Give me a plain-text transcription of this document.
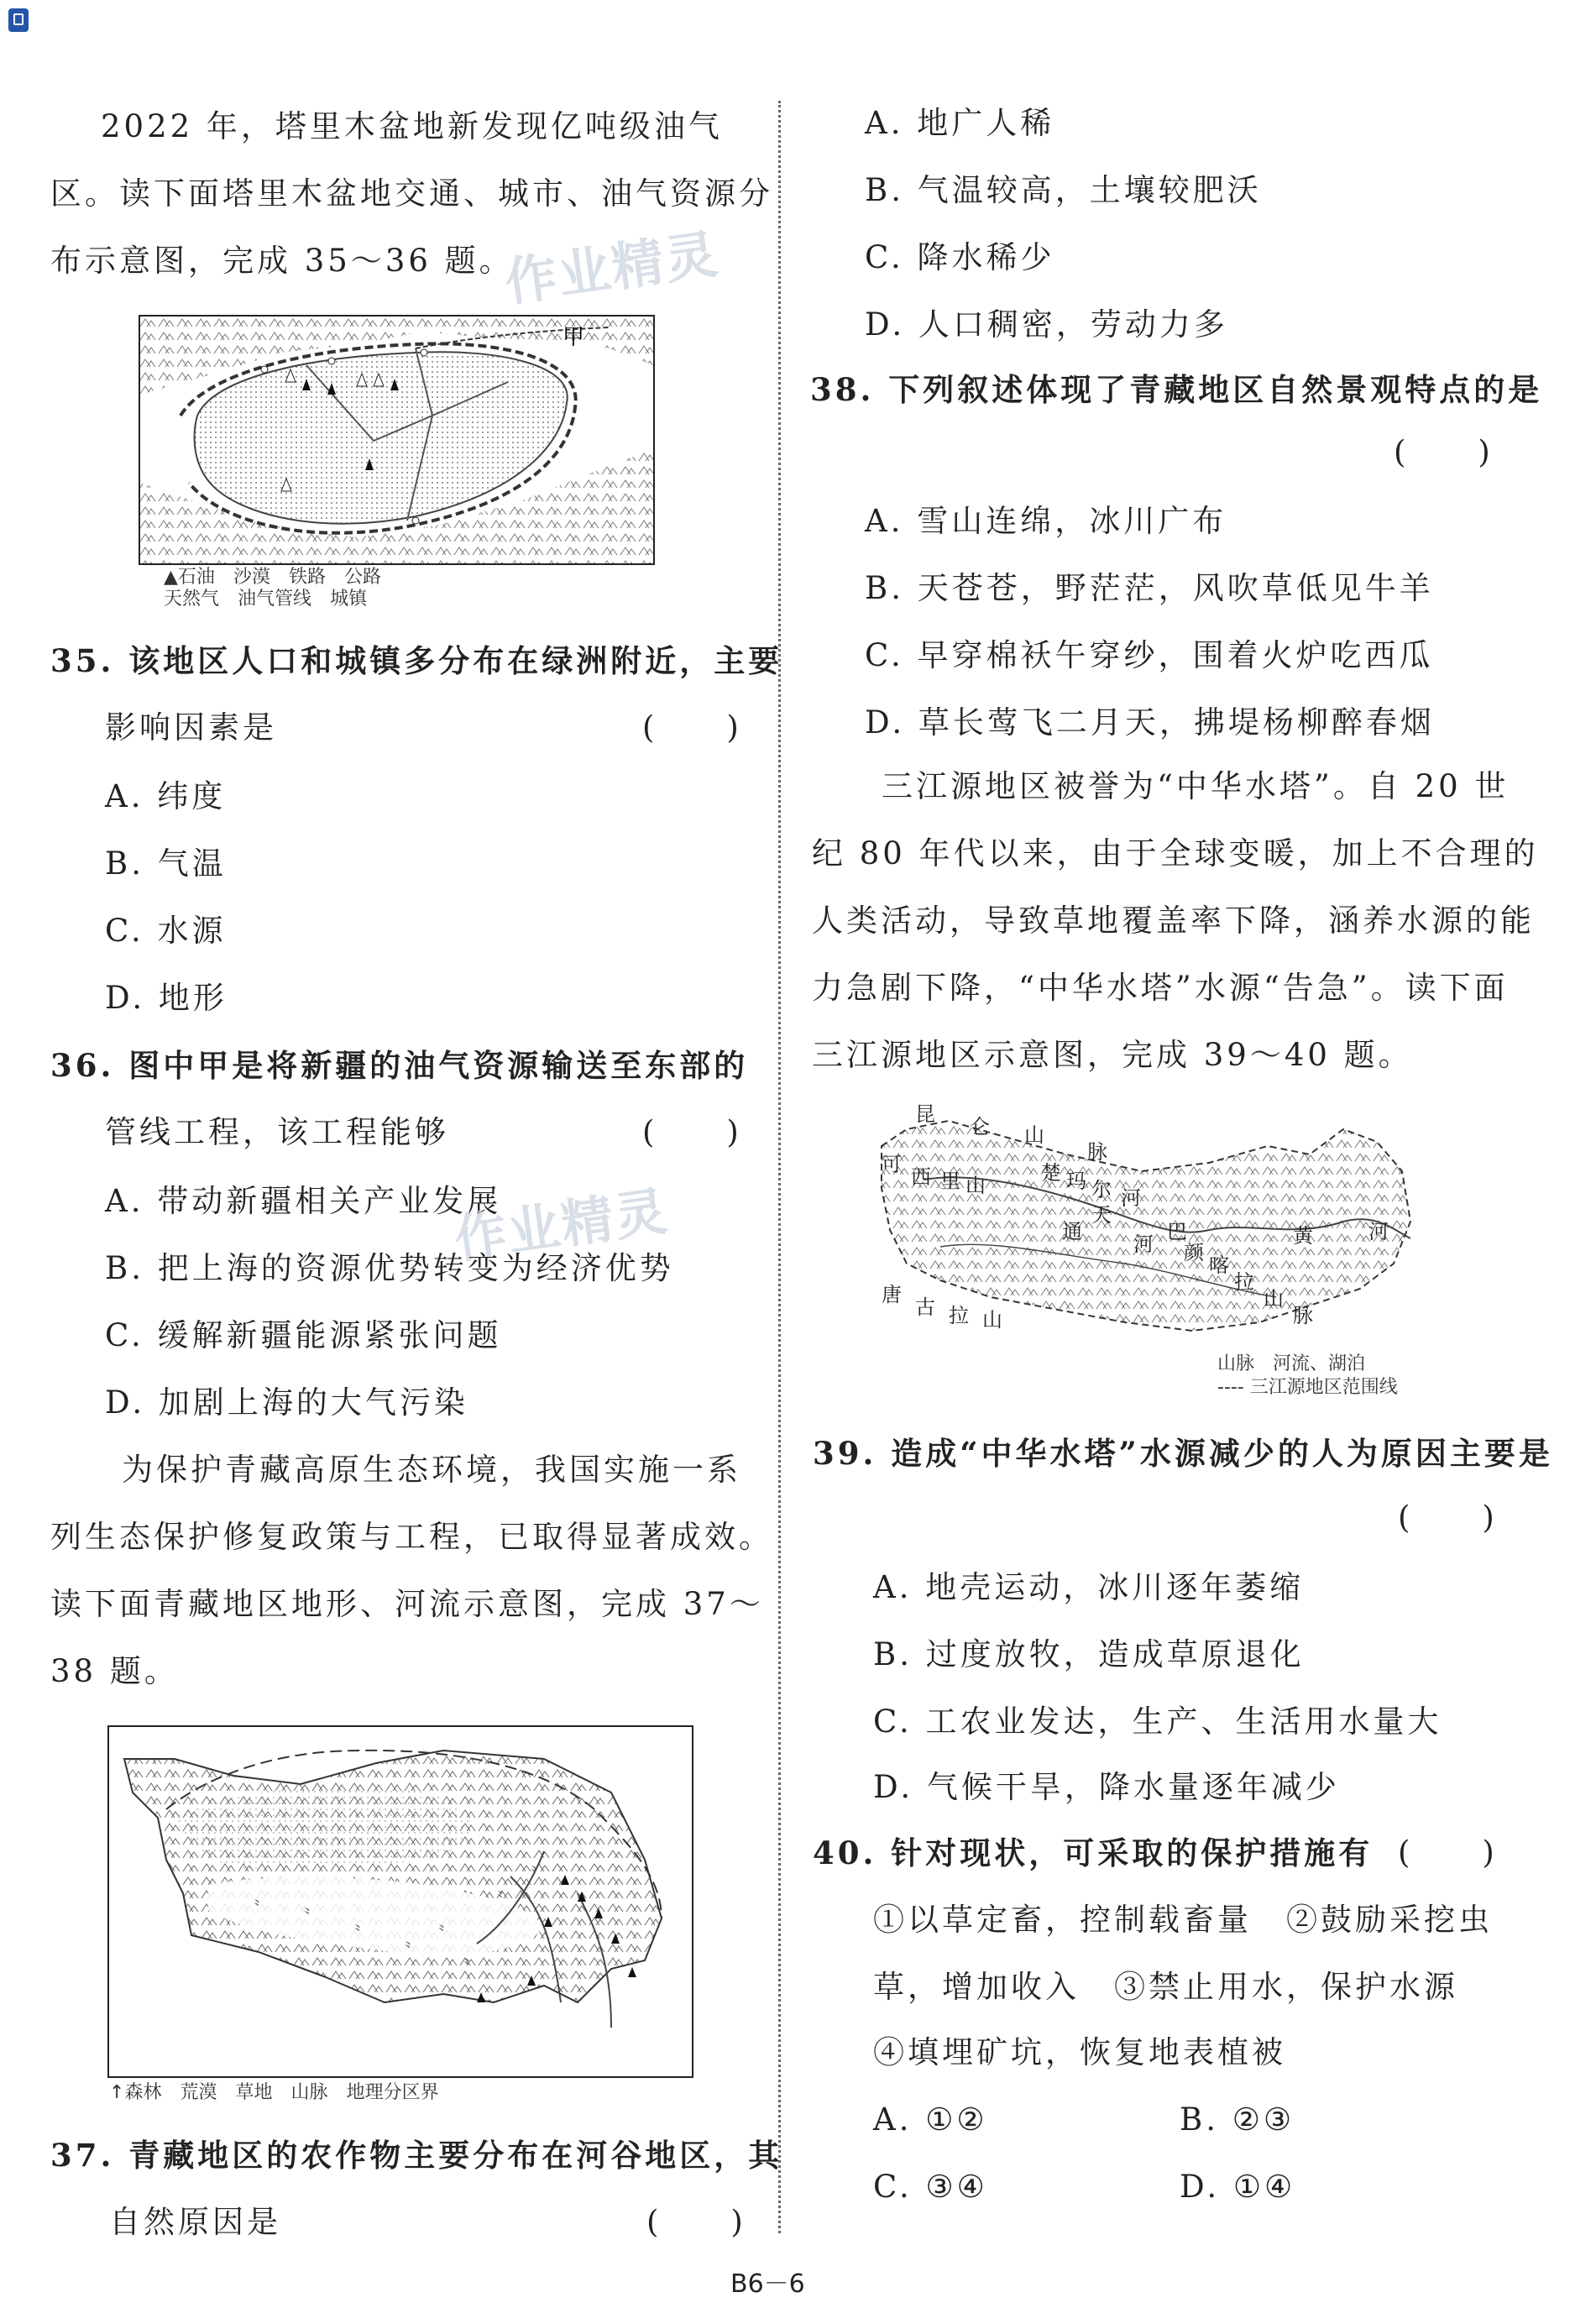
2022 年，塔里木盆地新发现亿吨级油气
区。读下面塔里木盆地交通、城市、油气资源分
布示意图，完成 35～36 题。
作业精灵
甲
▲石油　 沙漠　 铁路　 公路
天然气　 油气管线　 城镇
35. 该地区人口和城镇多分布在绿洲附近，主要
影响因素是	(　　)
A. 纬度
B. 气温
C. 水源
D. 地形
36. 图中甲是将新疆的油气资源输送至东部的
管线工程，该工程能够	(　　)
A. 带动新疆相关产业发展
作业精灵
B. 把上海的资源优势转变为经济优势
C. 缓解新疆能源紧张问题
D. 加剧上海的大气污染
为保护青藏高原生态环境，我国实施一系
列生态保护修复政策与工程，已取得显著成效。
读下面青藏地区地形、河流示意图，完成 37～
38 题。
⺀
⺀
⺀
⺀
⺀
⺀
⺀
⺀
↑森林　 荒漠　 草地　 山脉　 地理分区界
37. 青藏地区的农作物主要分布在河谷地区，其
自然原因是	(　　)
A. 地广人稀
B. 气温较高，土壤较肥沃
C. 降水稀少
D. 人口稠密，劳动力多
38. 下列叙述体现了青藏地区自然景观特点的是
(　　)
A. 雪山连绵，冰川广布
B. 天苍苍，野茫茫，风吹草低见牛羊
C. 早穿棉袄午穿纱，围着火炉吃西瓜
D. 草长莺飞二月天，拂堤杨柳醉春烟
三江源地区被誉为“中华水塔”。自 20 世
纪 80 年代以来，由于全球变暖，加上不合理的
人类活动，导致草地覆盖率下降，涵养水源的能
力急剧下降，“中华水塔”水源“告急”。读下面
三江源地区示意图，完成 39～40 题。
昆
仑 山
脉
可
西 里 山
楚 玛 尔 河
通
天
河
巴
颜
喀
拉
山
黄	河
唐
古 拉 山	脉
山脉　 河流、湖泊
---- 三江源地区范围线
39. 造成“中华水塔”水源减少的人为原因主要是
(　　)
A. 地壳运动，冰川逐年萎缩
B. 过度放牧，造成草原退化
C. 工农业发达，生产、生活用水量大
D. 气候干旱，降水量逐年减少
40. 针对现状，可采取的保护措施有 (　　)
①以草定畜，控制载畜量　②鼓励采挖虫
草，增加收入　③禁止用水，保护水源
④填埋矿坑，恢复地表植被
A. ①②	B. ②③
C. ③④	D. ①④
B6－6
